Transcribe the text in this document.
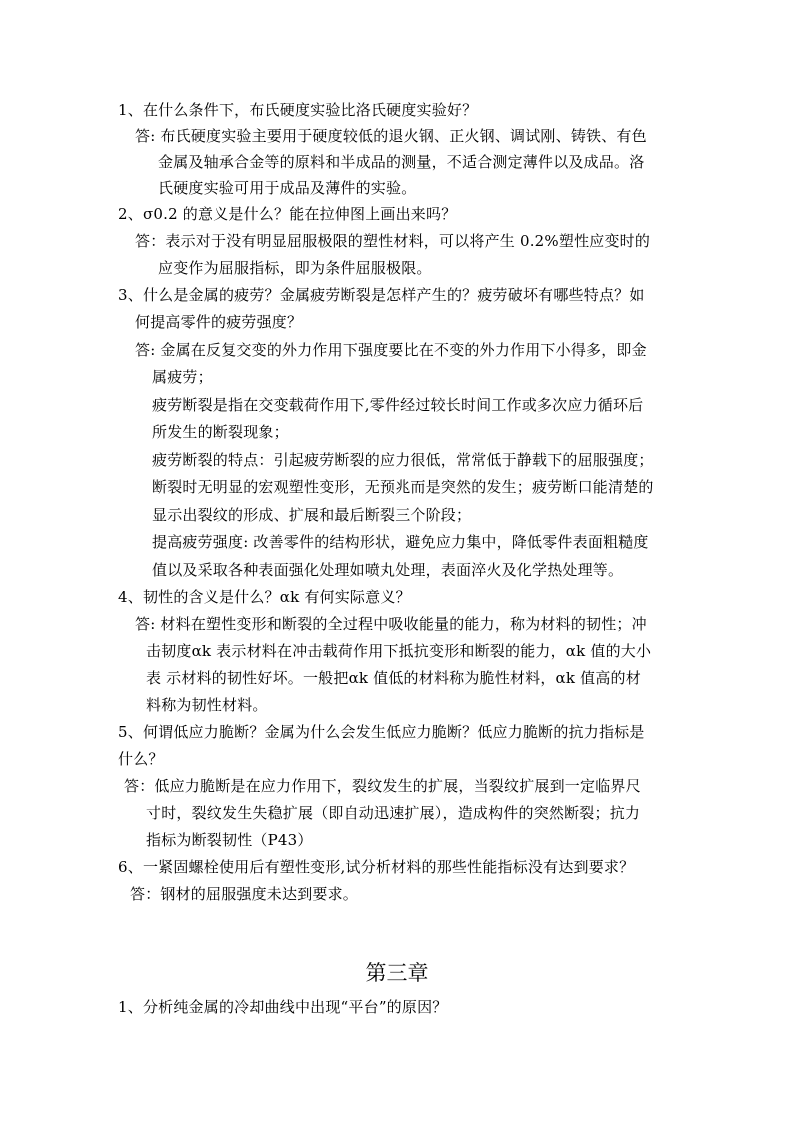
1、在什么条件下，布氏硬度实验比洛氏硬度实验好？
答: 布氏硬度实验主要用于硬度较低的退火钢、正火钢、调试刚、铸铁、有色
金属及轴承合金等的原料和半成品的测量，不适合测定薄件以及成品。洛
氏硬度实验可用于成品及薄件的实验。
2、σ0.2 的意义是什么？能在拉伸图上画出来吗？
答：表示对于没有明显屈服极限的塑性材料，可以将产生 0.2%塑性应变时的
应变作为屈服指标，即为条件屈服极限。
3、什么是金属的疲劳？金属疲劳断裂是怎样产生的？疲劳破坏有哪些特点？如
何提高零件的疲劳强度？
答: 金属在反复交变的外力作用下强度要比在不变的外力作用下小得多，即金
属疲劳；
疲劳断裂是指在交变载荷作用下,零件经过较长时间工作或多次应力循环后
所发生的断裂现象；
疲劳断裂的特点：引起疲劳断裂的应力很低，常常低于静载下的屈服强度；
断裂时无明显的宏观塑性变形，无预兆而是突然的发生；疲劳断口能清楚的
显示出裂纹的形成、扩展和最后断裂三个阶段；
提高疲劳强度: 改善零件的结构形状，避免应力集中，降低零件表面粗糙度
值以及采取各种表面强化处理如喷丸处理，表面淬火及化学热处理等。
4、韧性的含义是什么？αk 有何实际意义？
答: 材料在塑性变形和断裂的全过程中吸收能量的能力，称为材料的韧性；冲
击韧度αk 表示材料在冲击载荷作用下抵抗变形和断裂的能力，αk 值的大小
表 示材料的韧性好坏。一般把αk 值低的材料称为脆性材料，αk 值高的材
料称为韧性材料。
5、何谓低应力脆断？金属为什么会发生低应力脆断？低应力脆断的抗力指标是
什么？
答：低应力脆断是在应力作用下，裂纹发生的扩展，当裂纹扩展到一定临界尺
寸时，裂纹发生失稳扩展（即自动迅速扩展），造成构件的突然断裂；抗力
指标为断裂韧性（P43）
6、一紧固螺栓使用后有塑性变形,试分析材料的那些性能指标没有达到要求？
答：钢材的屈服强度未达到要求。
第三章
1、分析纯金属的冷却曲线中出现“平台”的原因？
